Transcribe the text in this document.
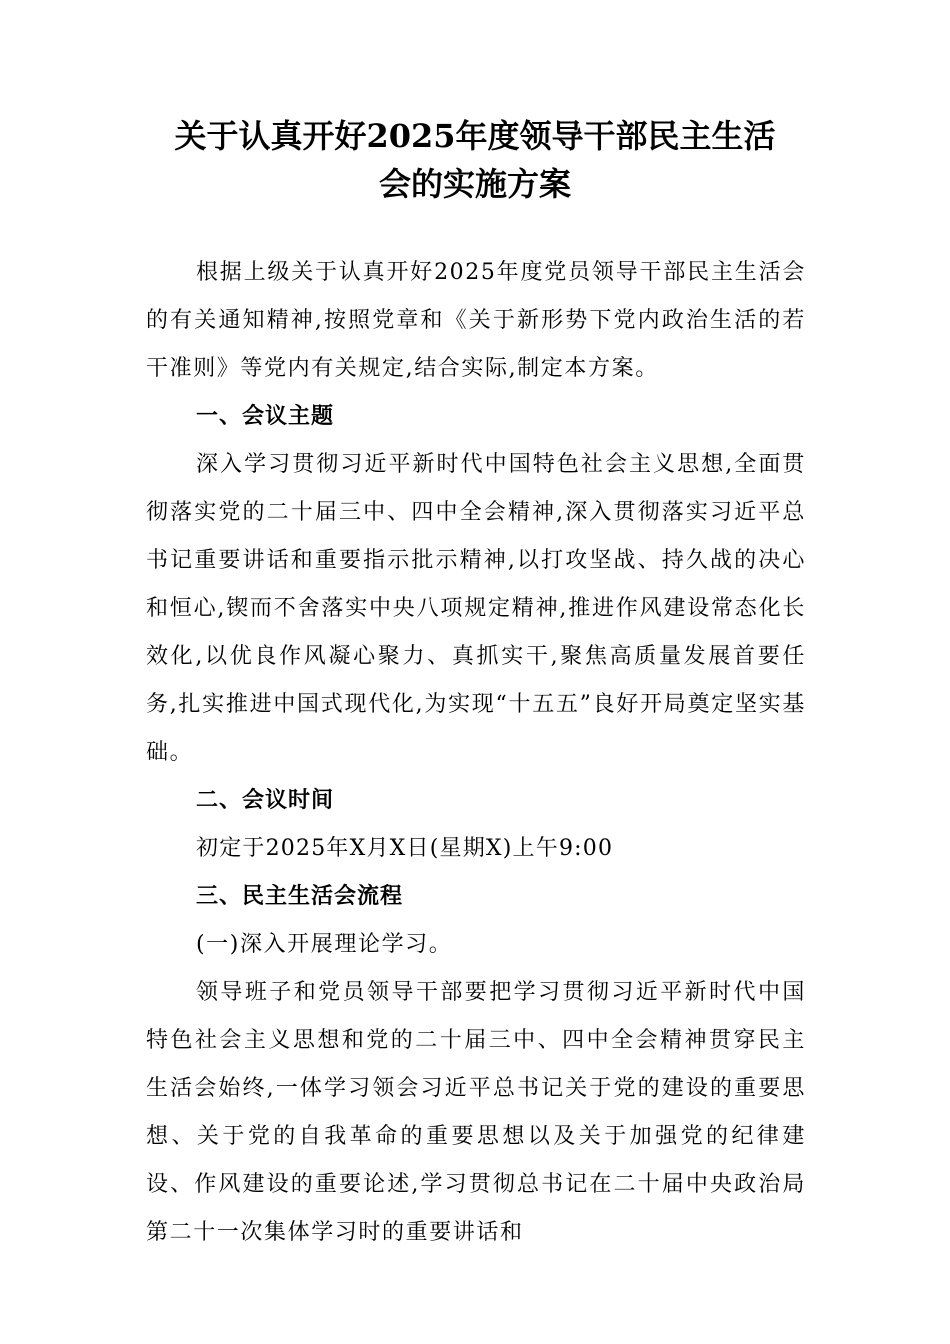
关于认真开好2025年度领导干部民主生活
会的实施方案

根据上级关于认真开好2025年度党员领导干部民主生活会的有关通知精神,按照党章和《关于新形势下党内政治生活的若干准则》等党内有关规定,结合实际,制定本方案。

一、会议主题

深入学习贯彻习近平新时代中国特色社会主义思想,全面贯彻落实党的二十届三中、四中全会精神,深入贯彻落实习近平总书记重要讲话和重要指示批示精神,以打攻坚战、持久战的决心和恒心,锲而不舍落实中央八项规定精神,推进作风建设常态化长效化,以优良作风凝心聚力、真抓实干,聚焦高质量发展首要任务,扎实推进中国式现代化,为实现“十五五”良好开局奠定坚实基础。

二、会议时间

初定于2025年X月X日(星期X)上午9:00

三、民主生活会流程

(一)深入开展理论学习。

领导班子和党员领导干部要把学习贯彻习近平新时代中国特色社会主义思想和党的二十届三中、四中全会精神贯穿民主生活会始终,一体学习领会习近平总书记关于党的建设的重要思想、关于党的自我革命的重要思想以及关于加强党的纪律建设、作风建设的重要论述,学习贯彻总书记在二十届中央政治局第二十一次集体学习时的重要讲话和
